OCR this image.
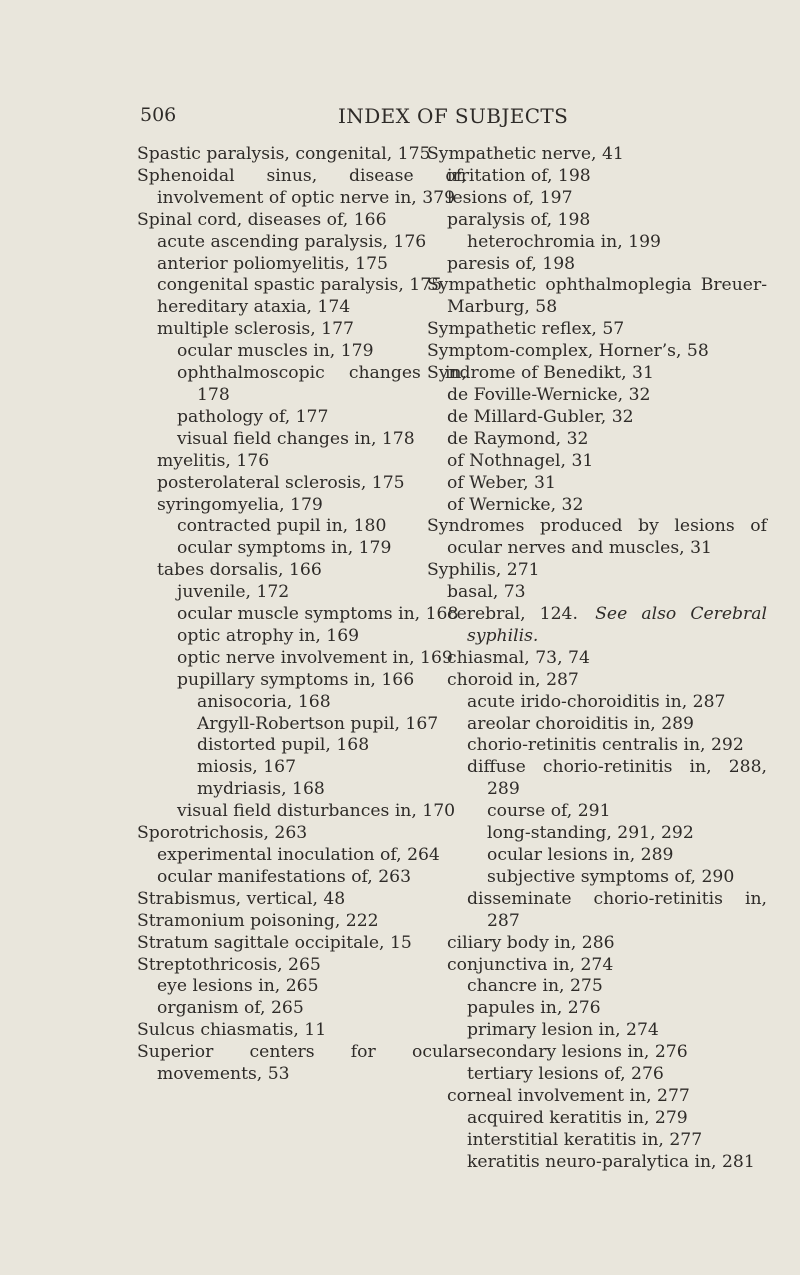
506	INDEX OF SUBJECTS
Spastic paralysis, congenital, 175
Sphenoidal sinus, disease of, involvement of optic nerve in, 379
Spinal cord, diseases of, 166
acute ascending paralysis, 176
anterior poliomyelitis, 175
congenital spastic paralysis, 175
hereditary ataxia, 174
multiple sclerosis, 177
ocular muscles in, 179
ophthalmoscopic changes in, 178
pathology of, 177
visual field changes in, 178
myelitis, 176
posterolateral sclerosis, 175
syringomyelia, 179
contracted pupil in, 180
ocular symptoms in, 179
tabes dorsalis, 166
juvenile, 172
ocular muscle symptoms in, 168
optic atrophy in, 169
optic nerve involvement in, 169
pupillary symptoms in, 166
anisocoria, 168
Argyll-Robertson pupil, 167
distorted pupil, 168
miosis, 167
mydriasis, 168
visual field disturbances in, 170
Sporotrichosis, 263
experimental inoculation of, 264
ocular manifestations of, 263
Strabismus, vertical, 48
Stramonium poisoning, 222
Stratum sagittale occipitale, 15
Streptothricosis, 265
eye lesions in, 265
organism of, 265
Sulcus chiasmatis, 11
Superior centers for ocular movements, 53
Sympathetic nerve, 41
irritation of, 198
lesions of, 197
paralysis of, 198
heterochromia in, 199
paresis of, 198
Sympathetic ophthalmoplegia Breuer-Marburg, 58
Sympathetic reflex, 57
Symptom-complex, Horner’s, 58
Syndrome of Benedikt, 31
de Foville-Wernicke, 32
de Millard-Gubler, 32
de Raymond, 32
of Nothnagel, 31
of Weber, 31
of Wernicke, 32
Syndromes produced by lesions of ocular nerves and muscles, 31
Syphilis, 271
basal, 73
cerebral, 124.  See also Cerebral syphilis.
chiasmal, 73, 74
choroid in, 287
acute irido-choroiditis in, 287
areolar choroiditis in, 289
chorio-retinitis centralis in, 292
diffuse chorio-retinitis in, 288, 289
course of, 291
long-standing, 291, 292
ocular lesions in, 289
subjective symptoms of, 290
disseminate chorio-retinitis in, 287
ciliary body in, 286
conjunctiva in, 274
chancre in, 275
papules in, 276
primary lesion in, 274
secondary lesions in, 276
tertiary lesions of, 276
corneal involvement in, 277
acquired keratitis in, 279
interstitial keratitis in, 277
keratitis neuro-paralytica in, 281
